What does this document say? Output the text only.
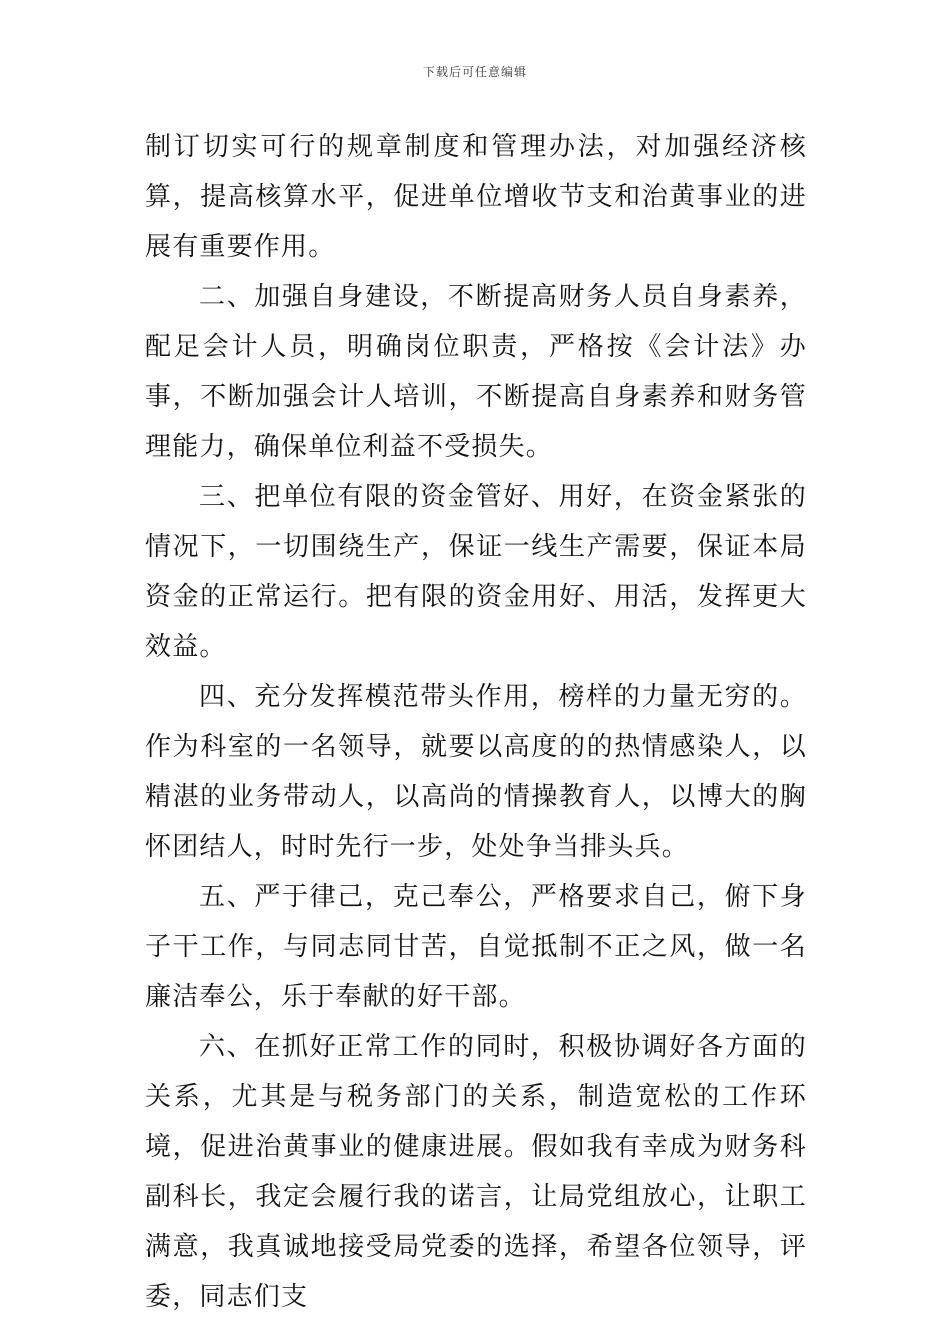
下载后可任意编辑

制订切实可行的规章制度和管理办法，对加强经济核算，提高核算水平，促进单位增收节支和治黄事业的进展有重要作用。

二、加强自身建设，不断提高财务人员自身素养，配足会计人员，明确岗位职责，严格按《会计法》办事，不断加强会计人培训，不断提高自身素养和财务管理能力，确保单位利益不受损失。

三、把单位有限的资金管好、用好，在资金紧张的情况下，一切围绕生产，保证一线生产需要，保证本局资金的正常运行。把有限的资金用好、用活，发挥更大效益。

四、充分发挥模范带头作用，榜样的力量无穷的。作为科室的一名领导，就要以高度的的热情感染人，以精湛的业务带动人，以高尚的情操教育人，以博大的胸怀团结人，时时先行一步，处处争当排头兵。

五、严于律己，克己奉公，严格要求自己，俯下身子干工作，与同志同甘苦，自觉抵制不正之风，做一名廉洁奉公，乐于奉献的好干部。

六、在抓好正常工作的同时，积极协调好各方面的关系，尤其是与税务部门的关系，制造宽松的工作环境，促进治黄事业的健康进展。假如我有幸成为财务科副科长，我定会履行我的诺言，让局党组放心，让职工满意，我真诚地接受局党委的选择，希望各位领导，评委，同志们支
